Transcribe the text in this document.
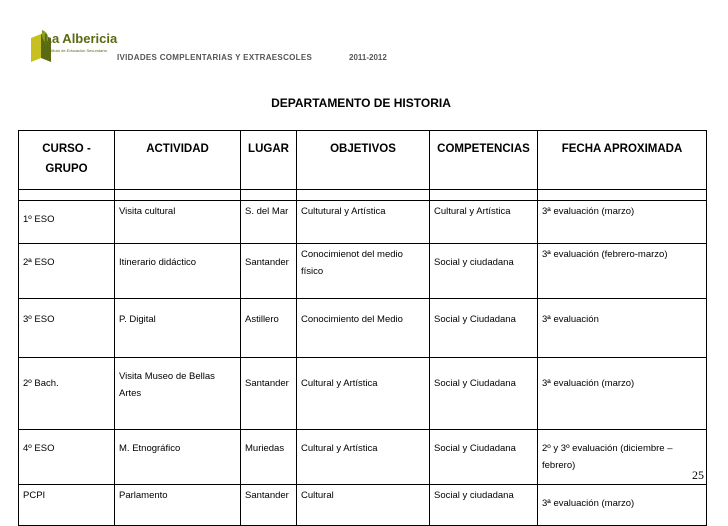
La Albericia
Instituto de Educación Secundaria
IVIDADES COMPLENTARIAS Y EXTRAESCOLES	2011-2012
DEPARTAMENTO DE HISTORIA
CURSO - GRUPO	ACTIVIDAD	LUGAR	OBJETIVOS	COMPETENCIAS	FECHA APROXIMADA

1º ESO	Visita cultural	S. del Mar	Cultutural y Artística	Cultural y Artística	3ª evaluación (marzo)
2ª ESO	Itinerario didáctico	Santander	Conocimienot del medio físico	Social y ciudadana	3ª evaluación (febrero-marzo)
3º ESO	P. Digital	Astillero	Conocimiento del Medio	Social y Ciudadana	3ª evaluación
2º Bach.	Visita Museo de Bellas Artes	Santander	Cultural y Artística	Social y Ciudadana	3ª evaluación (marzo)
4º ESO	M. Etnográfico	Muriedas	Cultural y Artística	Social y Ciudadana	2º y 3º evaluación (diciembre – febrero)
PCPI	Parlamento	Santander	Cultural	Social y ciudadana	3ª evaluación (marzo)
25
